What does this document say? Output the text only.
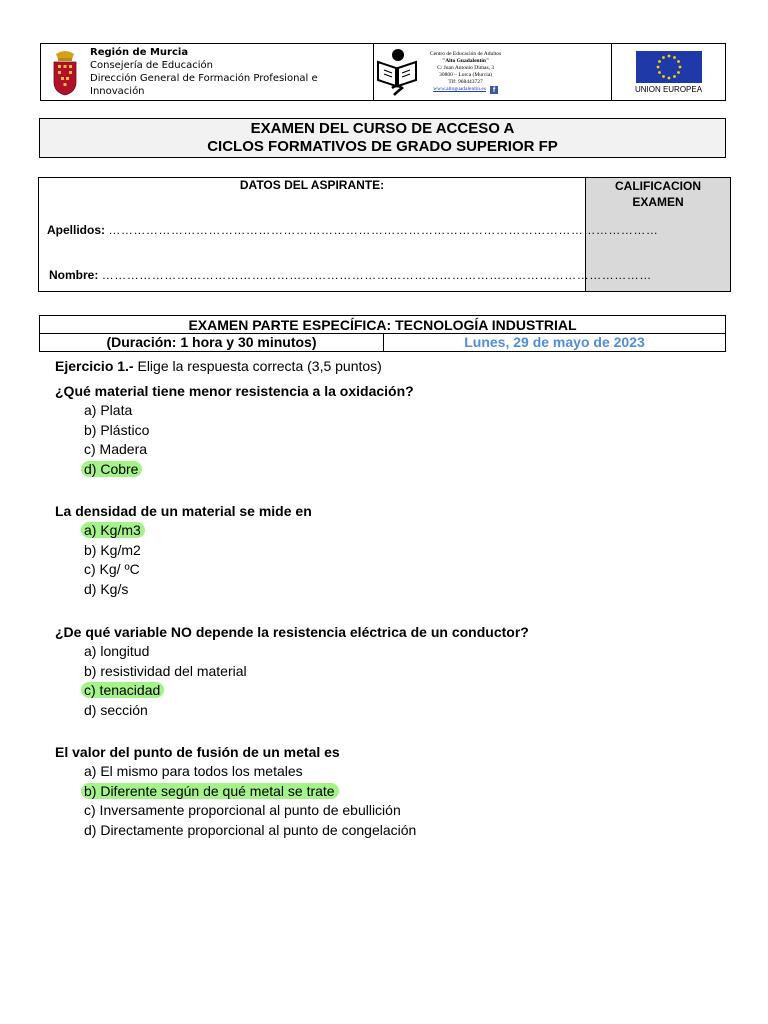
Región de Murcia
Consejería de Educación
Dirección General de Formación Profesional e Innovación
Centro de Educación de Adultos
"Alto Guadalentín"
C/ Juan Antonio Dimas, 3
30800 – Lorca (Murcia)
Tlf: 968443727
www.altoguadalentin.es f	UNION EUROPEA
EXAMEN DEL CURSO DE ACCESO A
CICLOS FORMATIVOS DE GRADO SUPERIOR FP
DATOS DEL ASPIRANTE:
Apellidos:
……………………………………………………………………………………………………………………
Nombre:
……………………………………………………………………………………………………………………
CALIFICACION
EXAMEN
EXAMEN PARTE ESPECÍFICA: TECNOLOGÍA INDUSTRIAL
(Duración: 1 hora y 30 minutos)	Lunes, 29 de mayo de 2023
Ejercicio 1.- Elige la respuesta correcta (3,5 puntos)
¿Qué material tiene menor resistencia a la oxidación?
a) Plata
b) Plástico
c) Madera
d) Cobre
La densidad de un material se mide en
a) Kg/m3
b) Kg/m2
c) Kg/ ºC
d) Kg/s
¿De qué variable NO depende la resistencia eléctrica de un conductor?
a) longitud
b) resistividad del material
c) tenacidad
d) sección
El valor del punto de fusión de un metal es
a) El mismo para todos los metales
b) Diferente según de qué metal se trate
c) Inversamente proporcional al punto de ebullición
d) Directamente proporcional al punto de congelación
